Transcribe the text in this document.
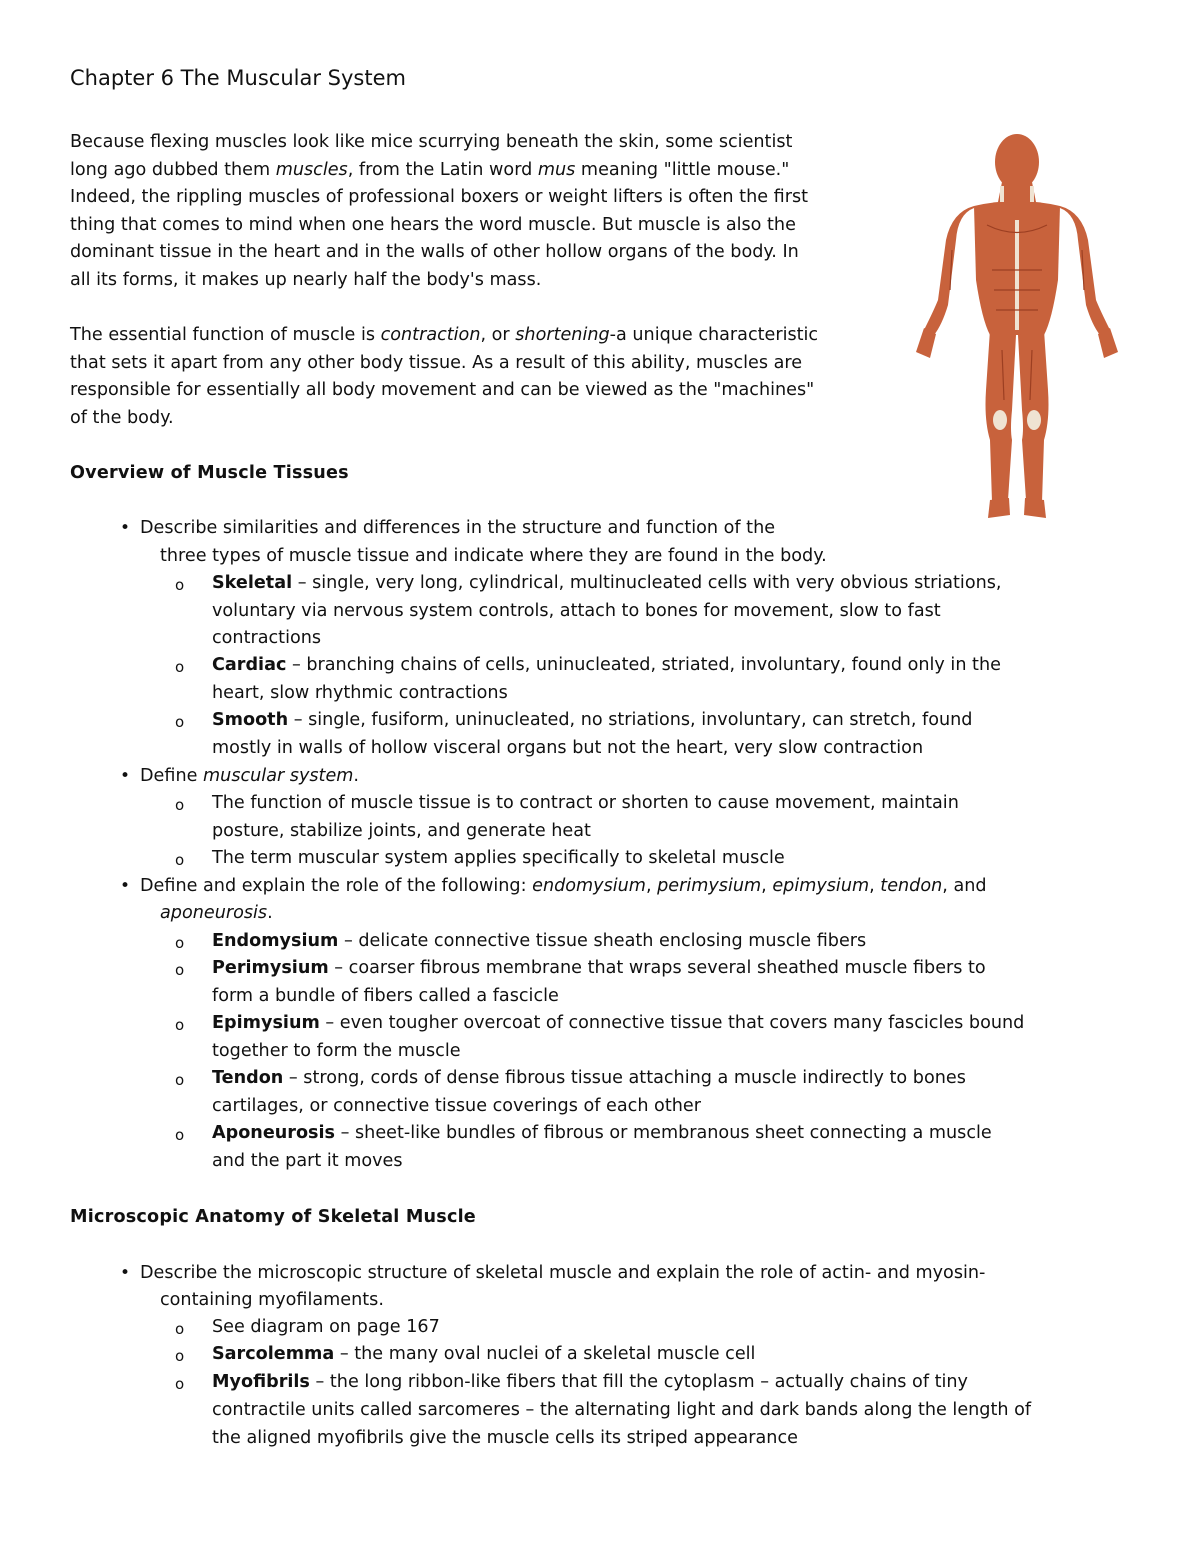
Chapter 6 The Muscular System

Because flexing muscles look like mice scurrying beneath the skin, some scientist
long ago dubbed them muscles, from the Latin word mus meaning "little mouse."
Indeed, the rippling muscles of professional boxers or weight lifters is often the first
thing that comes to mind when one hears the word muscle. But muscle is also the
dominant tissue in the heart and in the walls of other hollow organs of the body. In
all its forms, it makes up nearly half the body's mass.

The essential function of muscle is contraction, or shortening-a unique characteristic
that sets it apart from any other body tissue. As a result of this ability, muscles are
responsible for essentially all body movement and can be viewed as the "machines"
of the body.

Overview of Muscle Tissues
Microscopic Anatomy of Skeletal Muscle
• Describe similarities and differences in the structure and function of the
three types of muscle tissue and indicate where they are found in the body.
o Skeletal – single, very long, cylindrical, multinucleated cells with very obvious striations,
voluntary via nervous system controls, attach to bones for movement, slow to fast
contractions
o Cardiac – branching chains of cells, uninucleated, striated, involuntary, found only in the
heart, slow rhythmic contractions
o Smooth – single, fusiform, uninucleated, no striations, involuntary, can stretch, found
mostly in walls of hollow visceral organs but not the heart, very slow contraction
• Define muscular system.
o The function of muscle tissue is to contract or shorten to cause movement, maintain
posture, stabilize joints, and generate heat
o The term muscular system applies specifically to skeletal muscle
• Define and explain the role of the following: endomysium, perimysium, epimysium, tendon, and
aponeurosis.
o Endomysium – delicate connective tissue sheath enclosing muscle fibers
o Perimysium – coarser fibrous membrane that wraps several sheathed muscle fibers to
form a bundle of fibers called a fascicle
o Epimysium – even tougher overcoat of connective tissue that covers many fascicles bound
together to form the muscle
o Tendon – strong, cords of dense fibrous tissue attaching a muscle indirectly to bones
cartilages, or connective tissue coverings of each other
o Aponeurosis – sheet-like bundles of fibrous or membranous sheet connecting a muscle
and the part it moves
• Describe the microscopic structure of skeletal muscle and explain the role of actin- and myosin-
containing myofilaments.
o See diagram on page 167
o Sarcolemma – the many oval nuclei of a skeletal muscle cell
o Myofibrils – the long ribbon-like fibers that fill the cytoplasm – actually chains of tiny
contractile units called sarcomeres – the alternating light and dark bands along the length of
the aligned myofibrils give the muscle cells its striped appearance
